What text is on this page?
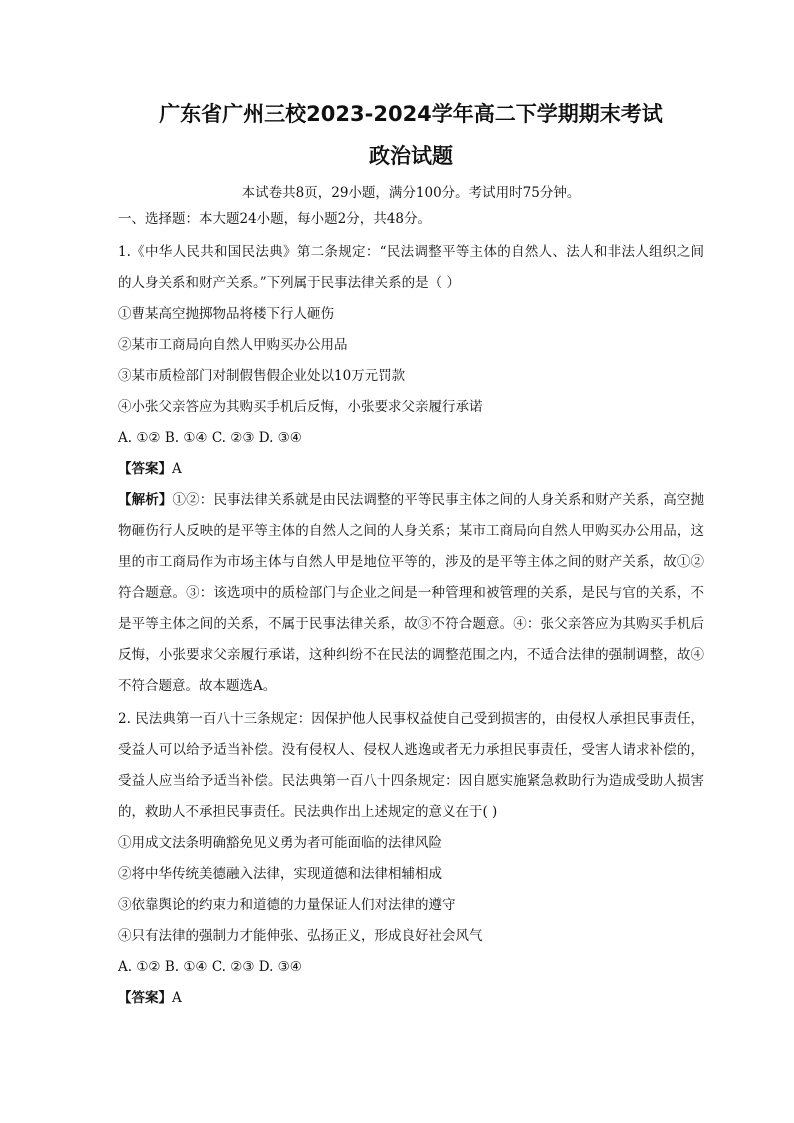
广东省广州三校2023-2024学年高二下学期期末考试
政治试题
本试卷共8页，29小题，满分100分。考试用时75分钟。
一、选择题：本大题24小题，每小题2分，共48分。
1.《中华人民共和国民法典》第二条规定：“民法调整平等主体的自然人、法人和非法人组织之间的人身关系和财产关系。”下列属于民事法律关系的是（ ）
①曹某高空抛掷物品将楼下行人砸伤
②某市工商局向自然人甲购买办公用品
③某市质检部门对制假售假企业处以10万元罚款
④小张父亲答应为其购买手机后反悔，小张要求父亲履行承诺
A. ①② B. ①④ C. ②③ D. ③④
【答案】A
【解析】①②：民事法律关系就是由民法调整的平等民事主体之间的人身关系和财产关系，高空抛物砸伤行人反映的是平等主体的自然人之间的人身关系；某市工商局向自然人甲购买办公用品，这里的市工商局作为市场主体与自然人甲是地位平等的，涉及的是平等主体之间的财产关系，故①②符合题意。③：该选项中的质检部门与企业之间是一种管理和被管理的关系，是民与官的关系，不是平等主体之间的关系，不属于民事法律关系，故③不符合题意。④：张父亲答应为其购买手机后反悔，小张要求父亲履行承诺，这种纠纷不在民法的调整范围之内，不适合法律的强制调整，故④不符合题意。故本题选A。
2. 民法典第一百八十三条规定：因保护他人民事权益使自己受到损害的，由侵权人承担民事责任，受益人可以给予适当补偿。没有侵权人、侵权人逃逸或者无力承担民事责任，受害人请求补偿的，受益人应当给予适当补偿。民法典第一百八十四条规定：因自愿实施紧急救助行为造成受助人损害的，救助人不承担民事责任。民法典作出上述规定的意义在于( )
①用成文法条明确豁免见义勇为者可能面临的法律风险
②将中华传统美德融入法律，实现道德和法律相辅相成
③依靠舆论的约束力和道德的力量保证人们对法律的遵守
④只有法律的强制力才能伸张、弘扬正义，形成良好社会风气
A. ①② B. ①④ C. ②③ D. ③④
【答案】A
